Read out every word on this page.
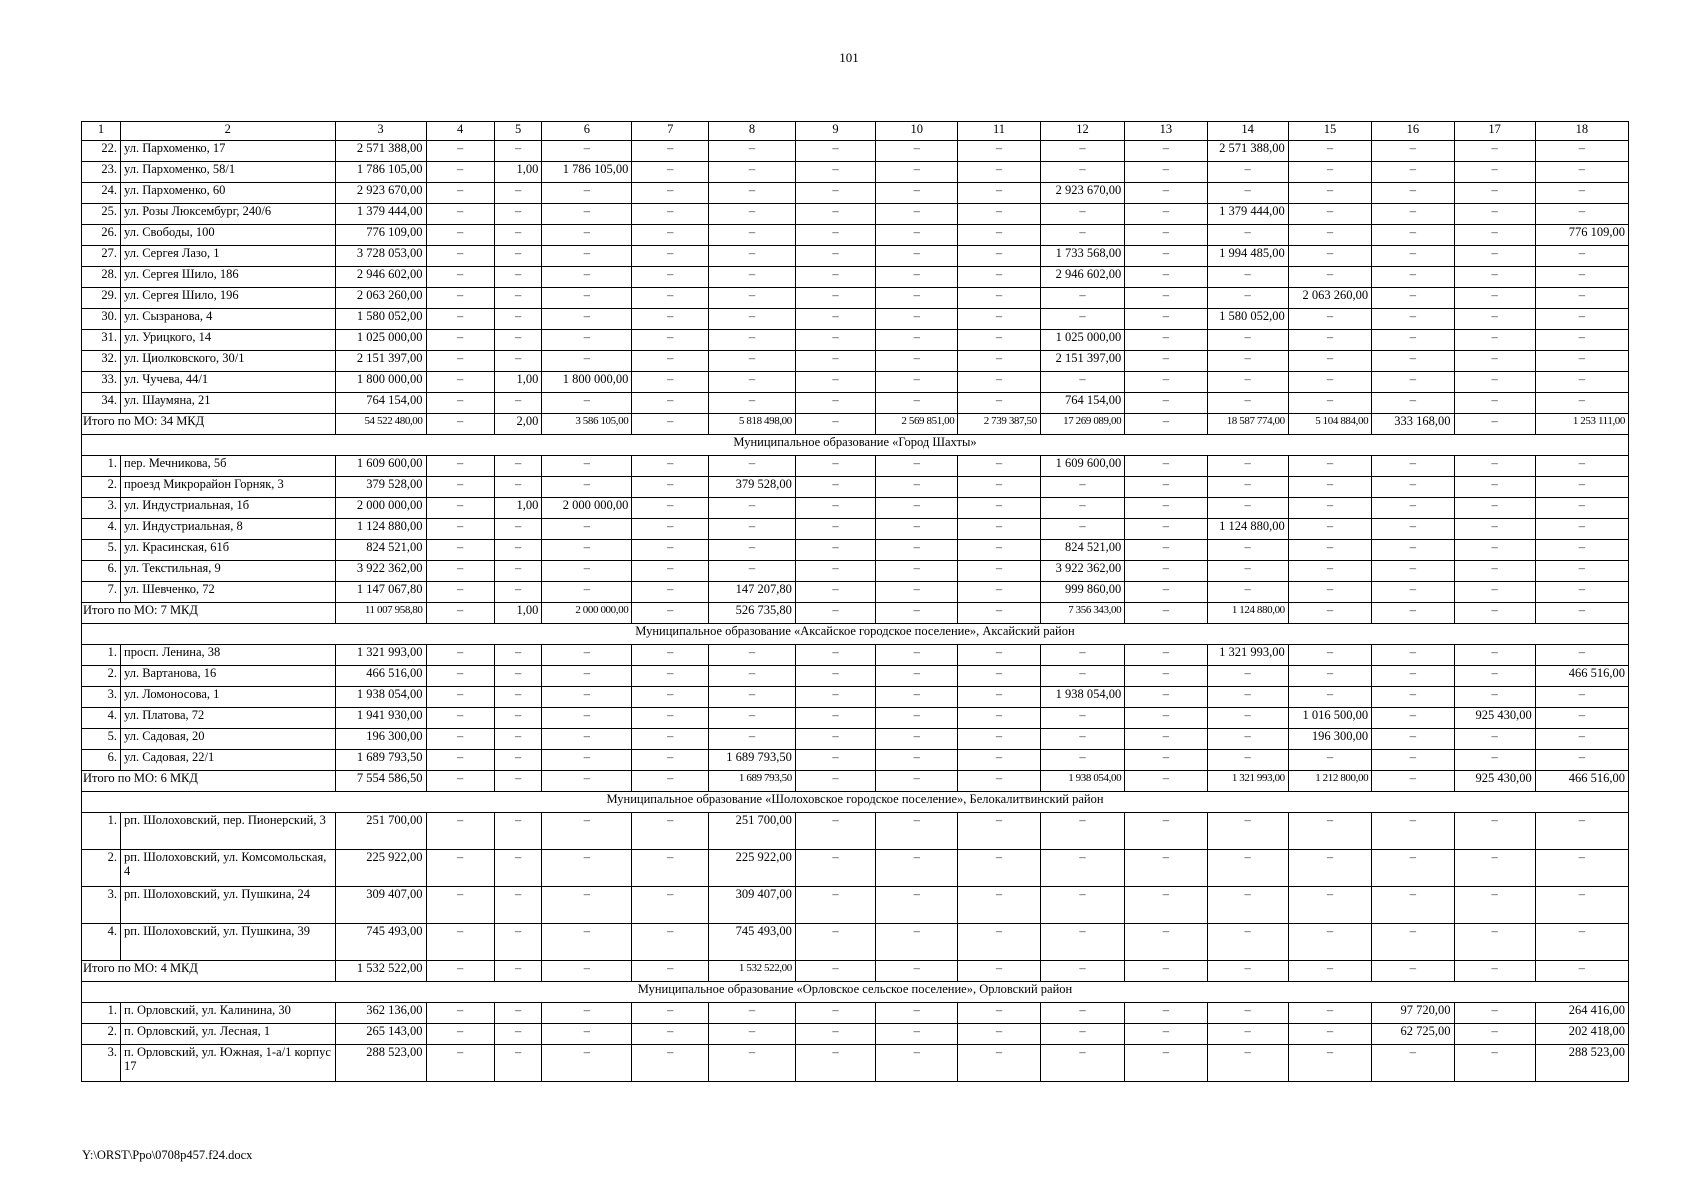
101
1	2	3	4	5	6	7	8	9	10	11	12	13	14	15	16	17	18
22.	ул. Пархоменко, 17	2 571 388,00	–	–	–	–	–	–	–	–	–	–	2 571 388,00	–	–	–	–
23.	ул. Пархоменко, 58/1	1 786 105,00	–	1,00	1 786 105,00	–	–	–	–	–	–	–	–	–	–	–	–
24.	ул. Пархоменко, 60	2 923 670,00	–	–	–	–	–	–	–	–	2 923 670,00	–	–	–	–	–	–
25.	ул. Розы Люксембург, 240/6	1 379 444,00	–	–	–	–	–	–	–	–	–	–	1 379 444,00	–	–	–	–
26.	ул. Свободы, 100	776 109,00	–	–	–	–	–	–	–	–	–	–	–	–	–	–	776 109,00
27.	ул. Сергея Лазо, 1	3 728 053,00	–	–	–	–	–	–	–	–	1 733 568,00	–	1 994 485,00	–	–	–	–
28.	ул. Сергея Шило, 186	2 946 602,00	–	–	–	–	–	–	–	–	2 946 602,00	–	–	–	–	–	–
29.	ул. Сергея Шило, 196	2 063 260,00	–	–	–	–	–	–	–	–	–	–	–	2 063 260,00	–	–	–
30.	ул. Сызранова, 4	1 580 052,00	–	–	–	–	–	–	–	–	–	–	1 580 052,00	–	–	–	–
31.	ул. Урицкого, 14	1 025 000,00	–	–	–	–	–	–	–	–	1 025 000,00	–	–	–	–	–	–
32.	ул. Циолковского, 30/1	2 151 397,00	–	–	–	–	–	–	–	–	2 151 397,00	–	–	–	–	–	–
33.	ул. Чучева, 44/1	1 800 000,00	–	1,00	1 800 000,00	–	–	–	–	–	–	–	–	–	–	–	–
34.	ул. Шаумяна, 21	764 154,00	–	–	–	–	–	–	–	–	764 154,00	–	–	–	–	–	–
Итого по МО: 34 МКД		54 522 480,00	–	2,00	3 586 105,00	–	5 818 498,00	–	2 569 851,00	2 739 387,50	17 269 089,00	–	18 587 774,00	5 104 884,00	333 168,00	–	1 253 111,00
Муниципальное образование «Город Шахты»																	
1.	пер. Мечникова, 5б	1 609 600,00	–	–	–	–	–	–	–	–	1 609 600,00	–	–	–	–	–	–
2.	проезд Микрорайон Горняк, 3	379 528,00	–	–	–	–	379 528,00	–	–	–	–	–	–	–	–	–	–
3.	ул. Индустриальная, 1б	2 000 000,00	–	1,00	2 000 000,00	–	–	–	–	–	–	–	–	–	–	–	–
4.	ул. Индустриальная, 8	1 124 880,00	–	–	–	–	–	–	–	–	–	–	1 124 880,00	–	–	–	–
5.	ул. Красинская, 61б	824 521,00	–	–	–	–	–	–	–	–	824 521,00	–	–	–	–	–	–
6.	ул. Текстильная, 9	3 922 362,00	–	–	–	–	–	–	–	–	3 922 362,00	–	–	–	–	–	–
7.	ул. Шевченко, 72	1 147 067,80	–	–	–	–	147 207,80	–	–	–	999 860,00	–	–	–	–	–	–
Итого по МО: 7 МКД		11 007 958,80	–	1,00	2 000 000,00	–	526 735,80	–	–	–	7 356 343,00	–	1 124 880,00	–	–	–	–
Муниципальное образование «Аксайское городское поселение», Аксайский район																	
1.	просп. Ленина, 38	1 321 993,00	–	–	–	–	–	–	–	–	–	–	1 321 993,00	–	–	–	–
2.	ул. Вартанова, 16	466 516,00	–	–	–	–	–	–	–	–	–	–	–	–	–	–	466 516,00
3.	ул. Ломоносова, 1	1 938 054,00	–	–	–	–	–	–	–	–	1 938 054,00	–	–	–	–	–	–
4.	ул. Платова, 72	1 941 930,00	–	–	–	–	–	–	–	–	–	–	–	1 016 500,00	–	925 430,00	–
5.	ул. Садовая, 20	196 300,00	–	–	–	–	–	–	–	–	–	–	–	196 300,00	–	–	–
6.	ул. Садовая, 22/1	1 689 793,50	–	–	–	–	1 689 793,50	–	–	–	–	–	–	–	–	–	–
Итого по МО: 6 МКД		7 554 586,50	–	–	–	–	1 689 793,50	–	–	–	1 938 054,00	–	1 321 993,00	1 212 800,00	–	925 430,00	466 516,00
Муниципальное образование «Шолоховское городское поселение», Белокалитвинский район																	
1.	рп. Шолоховский, пер. Пионерский, 3	251 700,00	–	–	–	–	251 700,00	–	–	–	–	–	–	–	–	–	–
2.	рп. Шолоховский, ул. Комсомольская, 4	225 922,00	–	–	–	–	225 922,00	–	–	–	–	–	–	–	–	–	–
3.	рп. Шолоховский, ул. Пушкина, 24	309 407,00	–	–	–	–	309 407,00	–	–	–	–	–	–	–	–	–	–
4.	рп. Шолоховский, ул. Пушкина, 39	745 493,00	–	–	–	–	745 493,00	–	–	–	–	–	–	–	–	–	–
Итого по МО: 4 МКД		1 532 522,00	–	–	–	–	1 532 522,00	–	–	–	–	–	–	–	–	–	–
Муниципальное образование «Орловское сельское поселение», Орловский район																	
1.	п. Орловский, ул. Калинина, 30	362 136,00	–	–	–	–	–	–	–	–	–	–	–	–	97 720,00	–	264 416,00
2.	п. Орловский, ул. Лесная, 1	265 143,00	–	–	–	–	–	–	–	–	–	–	–	–	62 725,00	–	202 418,00
3.	п. Орловский, ул. Южная, 1-а/1 корпус 17	288 523,00	–	–	–	–	–	–	–	–	–	–	–	–	–	–	288 523,00
Y:\ORST\Ppo\0708p457.f24.docx
